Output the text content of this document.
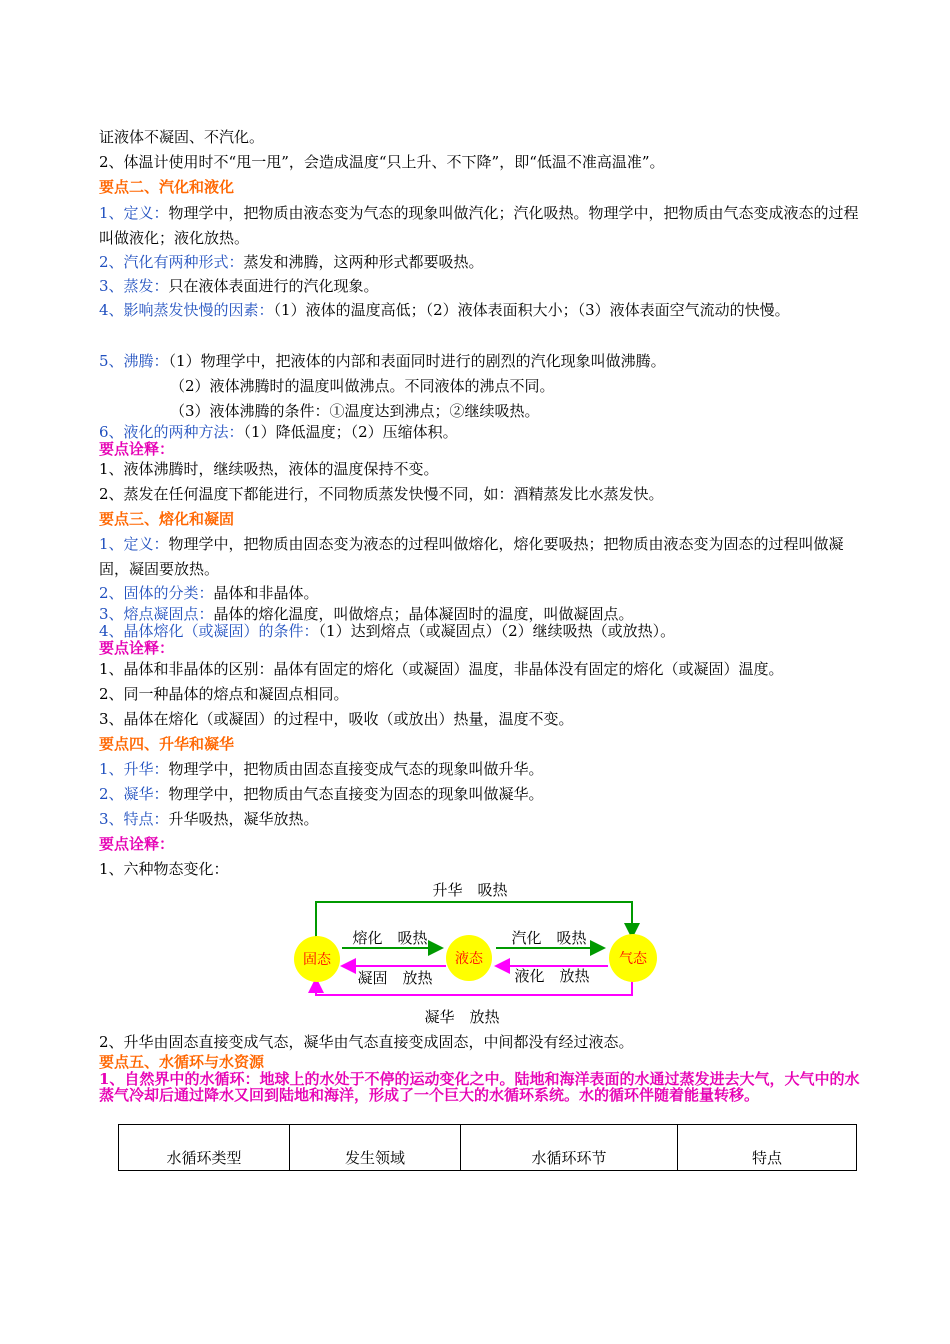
证液体不凝固、不汽化。
2、体温计使用时不“甩一甩”，会造成温度“只上升、不下降”，即“低温不准高温准”。
要点二、汽化和液化
1、定义：物理学中，把物质由液态变为气态的现象叫做汽化；汽化吸热。物理学中，把物质由气态变成液态的过程叫做液化；液化放热。
2、汽化有两种形式：蒸发和沸腾，这两种形式都要吸热。
3、蒸发：只在液体表面进行的汽化现象。
4、影响蒸发快慢的因素：（1）液体的温度高低；（2）液体表面积大小；（3）液体表面空气流动的快慢。
5、沸腾：（1）物理学中，把液体的内部和表面同时进行的剧烈的汽化现象叫做沸腾。
（2）液体沸腾时的温度叫做沸点。不同液体的沸点不同。
（3）液体沸腾的条件：①温度达到沸点；②继续吸热。
6、液化的两种方法：（1）降低温度；（2）压缩体积。
要点诠释：
1、液体沸腾时，继续吸热，液体的温度保持不变。
2、蒸发在任何温度下都能进行，不同物质蒸发快慢不同，如：酒精蒸发比水蒸发快。
要点三、熔化和凝固
1、定义：物理学中，把物质由固态变为液态的过程叫做熔化，熔化要吸热；把物质由液态变为固态的过程叫做凝固，凝固要放热。
2、固体的分类：晶体和非晶体。
3、熔点凝固点：晶体的熔化温度，叫做熔点；晶体凝固时的温度，叫做凝固点。
4、晶体熔化（或凝固）的条件：（1）达到熔点（或凝固点）（2）继续吸热（或放热）。
要点诠释：
1、晶体和非晶体的区别：晶体有固定的熔化（或凝固）温度，非晶体没有固定的熔化（或凝固）温度。
2、同一种晶体的熔点和凝固点相同。
3、晶体在熔化（或凝固）的过程中，吸收（或放出）热量，温度不变。
要点四、升华和凝华
1、升华：物理学中，把物质由固态直接变成气态的现象叫做升华。
2、凝华：物理学中，把物质由气态直接变为固态的现象叫做凝华。
3、特点：升华吸热，凝华放热。
要点诠释：
1、六种物态变化：
升华　吸热
熔化　吸热
凝固　放热
汽化　吸热
液化　放热
凝华　放热
固态	液态	气态
2、升华由固态直接变成气态，凝华由气态直接变成固态，中间都没有经过液态。
要点五、水循环与水资源
1、自然界中的水循环：地球上的水处于不停的运动变化之中。陆地和海洋表面的水通过蒸发进去大气，大气中的水蒸气冷却后通过降水又回到陆地和海洋，形成了一个巨大的水循环系统。水的循环伴随着能量转移。
水循环类型	发生领域	水循环环节	特点
